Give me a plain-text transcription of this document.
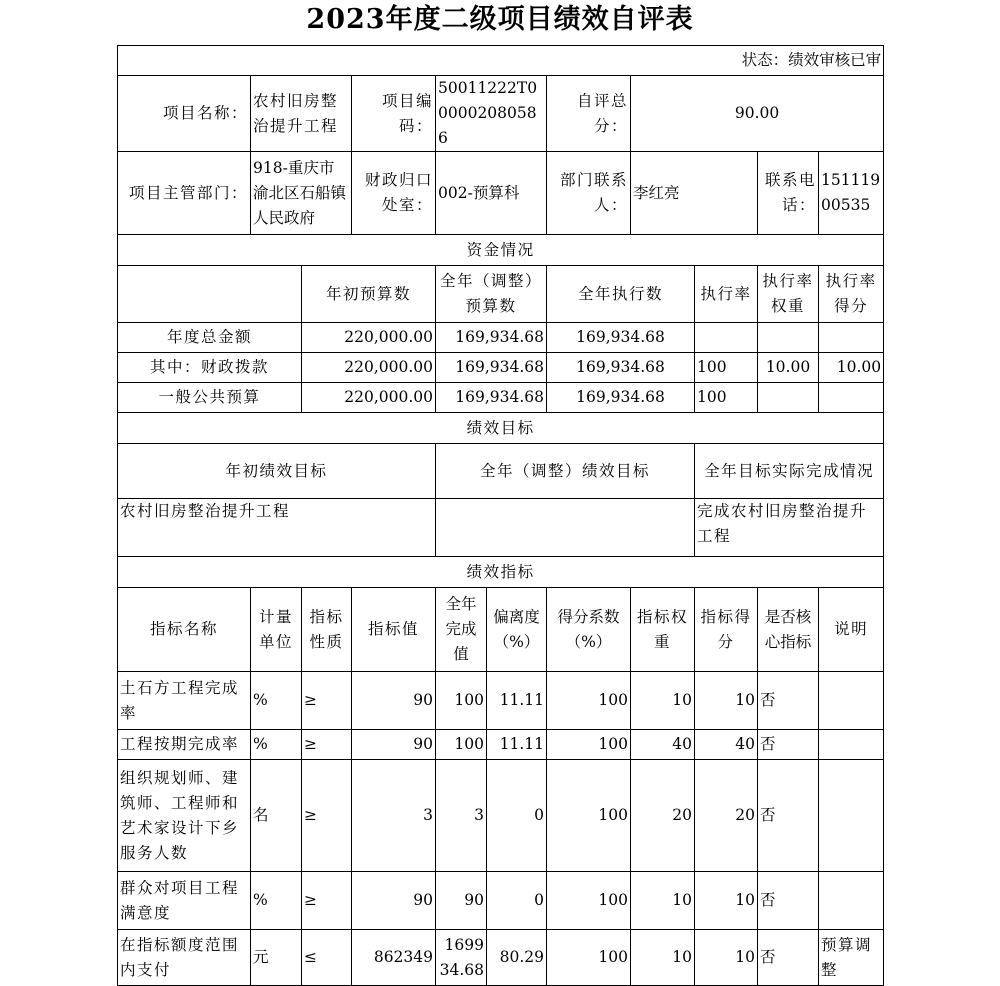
2023年度二级项目绩效自评表
状态：绩效审核已审										
项目名称：	农村旧房整治提升工程		项目编码：	50011222T000002080586		自评总分：	90.00			
项目主管部门：	918-重庆市渝北区石船镇人民政府		财政归口处室：	002-预算科		部门联系人：	李红亮		联系电话：	15111900535
资金情况										
		年初预算数		全年（调整）预算数		全年执行数		执行率	执行率权重	执行率得分
年度总金额		220,000.00		169,934.68		169,934.68				
其中：财政拨款		220,000.00		169,934.68		169,934.68		100	10.00	10.00
一般公共预算		220,000.00		169,934.68		169,934.68		100		
绩效目标										
年初绩效目标				全年（调整）绩效目标				全年目标实际完成情况		
农村旧房整治提升工程								完成农村旧房整治提升工程		
绩效指标										
指标名称	计量单位	指标性质	指标值	全年完成值	偏离度（%）	得分系数（%）	指标权重	指标得分	是否核心指标	说明
土石方工程完成率	%	≥	90	100	11.11	100	10	10	否	
工程按期完成率	%	≥	90	100	11.11	100	40	40	否	
组织规划师、建筑师、工程师和艺术家设计下乡服务人数	名	≥	3	3	0	100	20	20	否	
群众对项目工程满意度	%	≥	90	90	0	100	10	10	否	
在指标额度范围内支付	元	≤	862349	169934.68	80.29	100	10	10	否	预算调整
